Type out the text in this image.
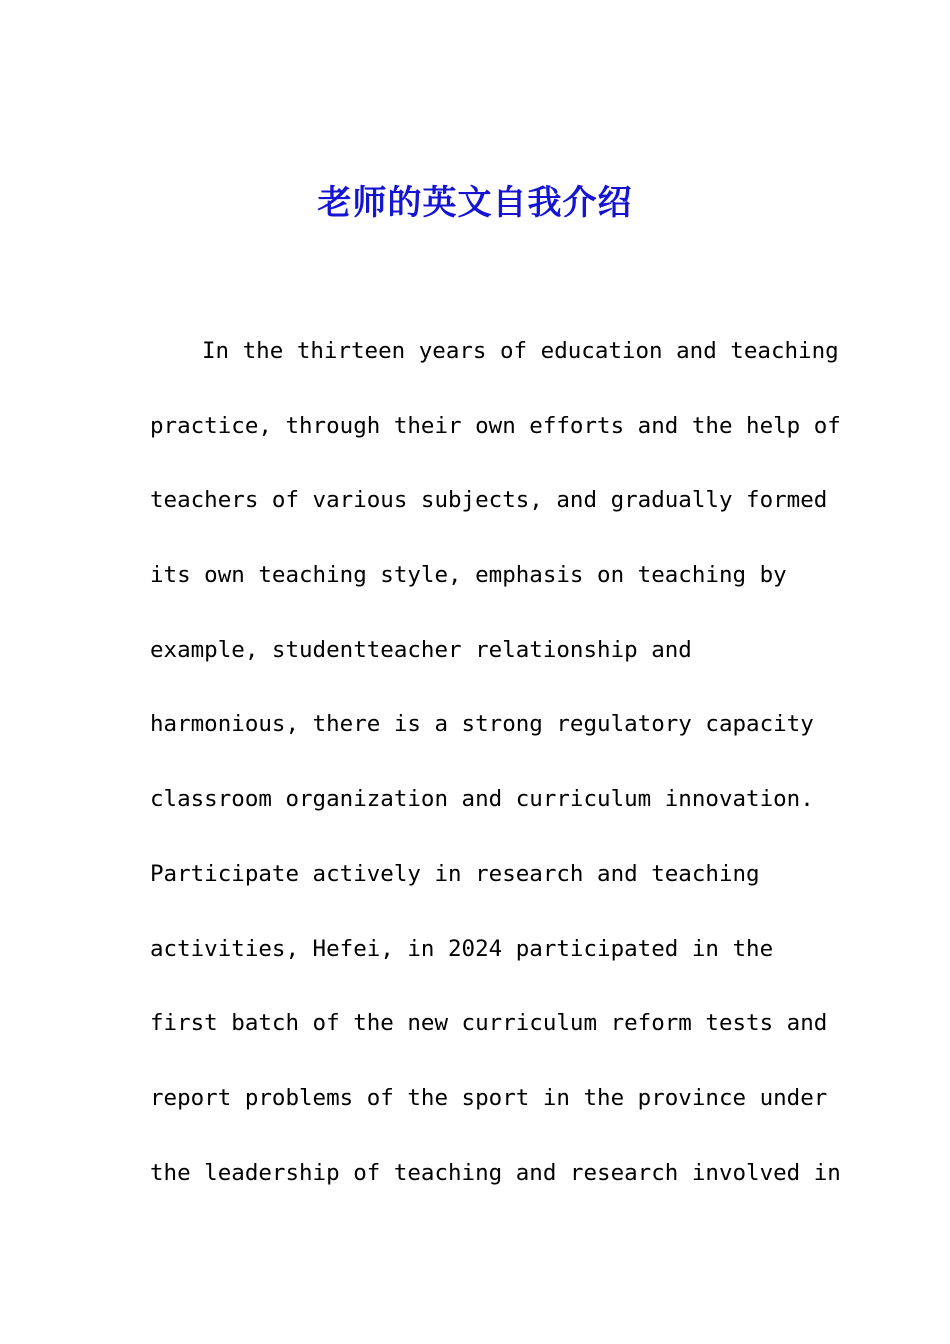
老师的英文自我介绍
In the thirteen years of education and teaching
practice, through their own efforts and the help of
teachers of various subjects, and gradually formed
its own teaching style, emphasis on teaching by
example, studentteacher relationship and
harmonious, there is a strong regulatory capacity
classroom organization and curriculum innovation.
Participate actively in research and teaching
activities, Hefei, in 2024 participated in the
first batch of the new curriculum reform tests and
report problems of the sport in the province under
the leadership of teaching and research involved in
